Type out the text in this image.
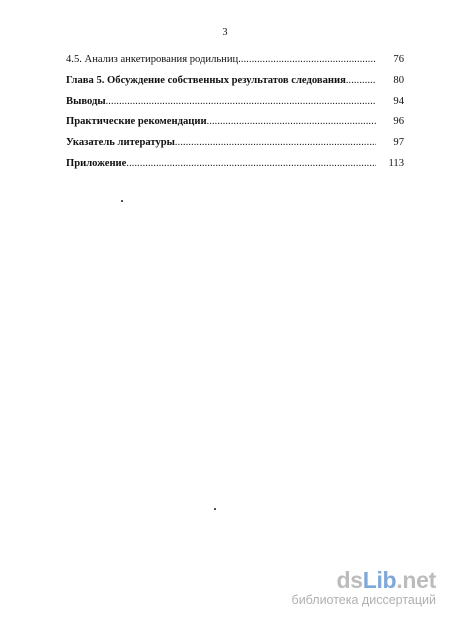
3
4.5. Анализ анкетирования родильниц .....	76
Глава 5. Обсуждение собственных результатов следования .....	80
Выводы .....	94
Практические рекомендации .....	96
Указатель литературы .....	97
Приложение .....	113
dsLib.net
библиотека диссертаций
